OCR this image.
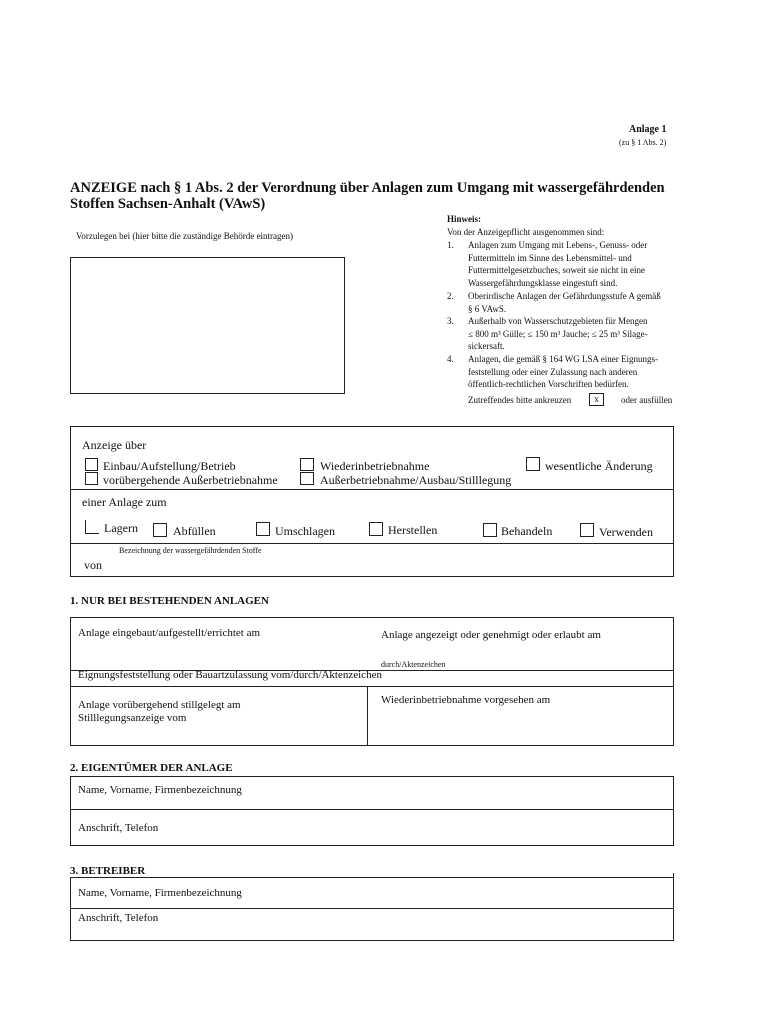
Anlage 1
(zu § 1 Abs. 2)
ANZEIGE nach § 1 Abs. 2 der Verordnung über Anlagen zum Umgang mit wassergefährdenden
Stoffen Sachsen-Anhalt (VAwS)
Vorzulegen bei (hier bitte die zuständige Behörde eintragen)
Hinweis:
Von der Anzeigepflicht ausgenommen sind:
1. Anlagen zum Umgang mit Lebens-, Genuss- oder
Futtermitteln im Sinne des Lebensmittel- und
Futtermittelgesetzbuches, soweit sie nicht in eine
Wassergefährdungsklasse eingestuft sind.
2. Oberirdische Anlagen der Gefährdungsstufe A gemäß
§ 6 VAwS.
3. Außerhalb von Wasserschutzgebieten für Mengen
≤ 800 m³ Gülle; ≤ 150 m³ Jauche; ≤ 25 m³ Silage-
sickersaft.
4. Anlagen, die gemäß § 164 WG LSA einer Eignungs-
feststellung oder einer Zulassung nach anderen
öffentlich-rechtlichen Vorschriften bedürfen.
Zutreffendes bitte ankreuzen	x	oder ausfüllen
Anzeige über
Einbau/Aufstellung/Betrieb
vorübergehende Außerbetriebnahme
Wiederinbetriebnahme
Außerbetriebnahme/Ausbau/Stilllegung
wesentliche Änderung
einer Anlage zum
Lagern	Abfüllen	Umschlagen	Herstellen	Behandeln	Verwenden
Bezeichnung der wassergefährdenden Stoffe
von
1. NUR BEI BESTEHENDEN ANLAGEN
Anlage eingebaut/aufgestellt/errichtet am	Anlage angezeigt oder genehmigt oder erlaubt am
durch/Aktenzeichen
Eignungsfeststellung oder Bauartzulassung vom/durch/Aktenzeichen
Anlage vorübergehend stillgelegt am
Stilllegungsanzeige vom
Wiederinbetriebnahme vorgesehen am
2. EIGENTÜMER DER ANLAGE
Name, Vorname, Firmenbezeichnung
Anschrift, Telefon
3. BETREIBER
Name, Vorname, Firmenbezeichnung
Anschrift, Telefon
